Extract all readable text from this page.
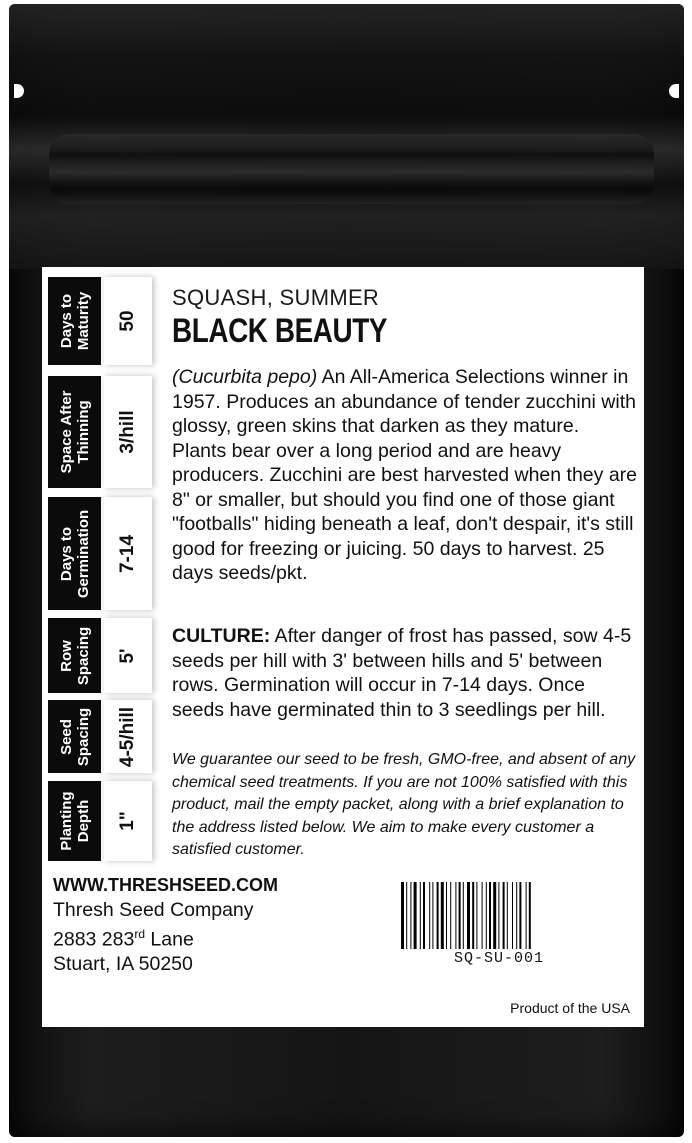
Days to
Maturity 50
Space After
Thinning 3/hill
Days to
Germination 7-14
Row
Spacing 5'
Seed
Spacing 4-5/hill
Planting
Depth 1"
SQUASH, SUMMER
BLACK BEAUTY
(Cucurbita pepo) An All-America Selections winner in 1957. Produces an abundance of tender zucchini with glossy, green skins that darken as they mature. Plants bear over a long period and are heavy producers. Zucchini are best harvested when they are 8" or smaller, but should you find one of those giant "footballs" hiding beneath a leaf, don't despair, it's still good for freezing or juicing. 50 days to harvest. 25 days seeds/pkt.
CULTURE: After danger of frost has passed, sow 4-5 seeds per hill with 3' between hills and 5' between rows. Germination will occur in 7-14 days. Once seeds have germinated thin to 3 seedlings per hill.
We guarantee our seed to be fresh, GMO-free, and absent of any chemical seed treatments. If you are not 100% satisfied with this product, mail the empty packet, along with a brief explanation to the address listed below. We aim to make every customer a satisfied customer.
WWW.THRESHSEED.COM
Thresh Seed Company
2883 283rd Lane
Stuart, IA 50250	SQ-SU-001
Product of the USA
